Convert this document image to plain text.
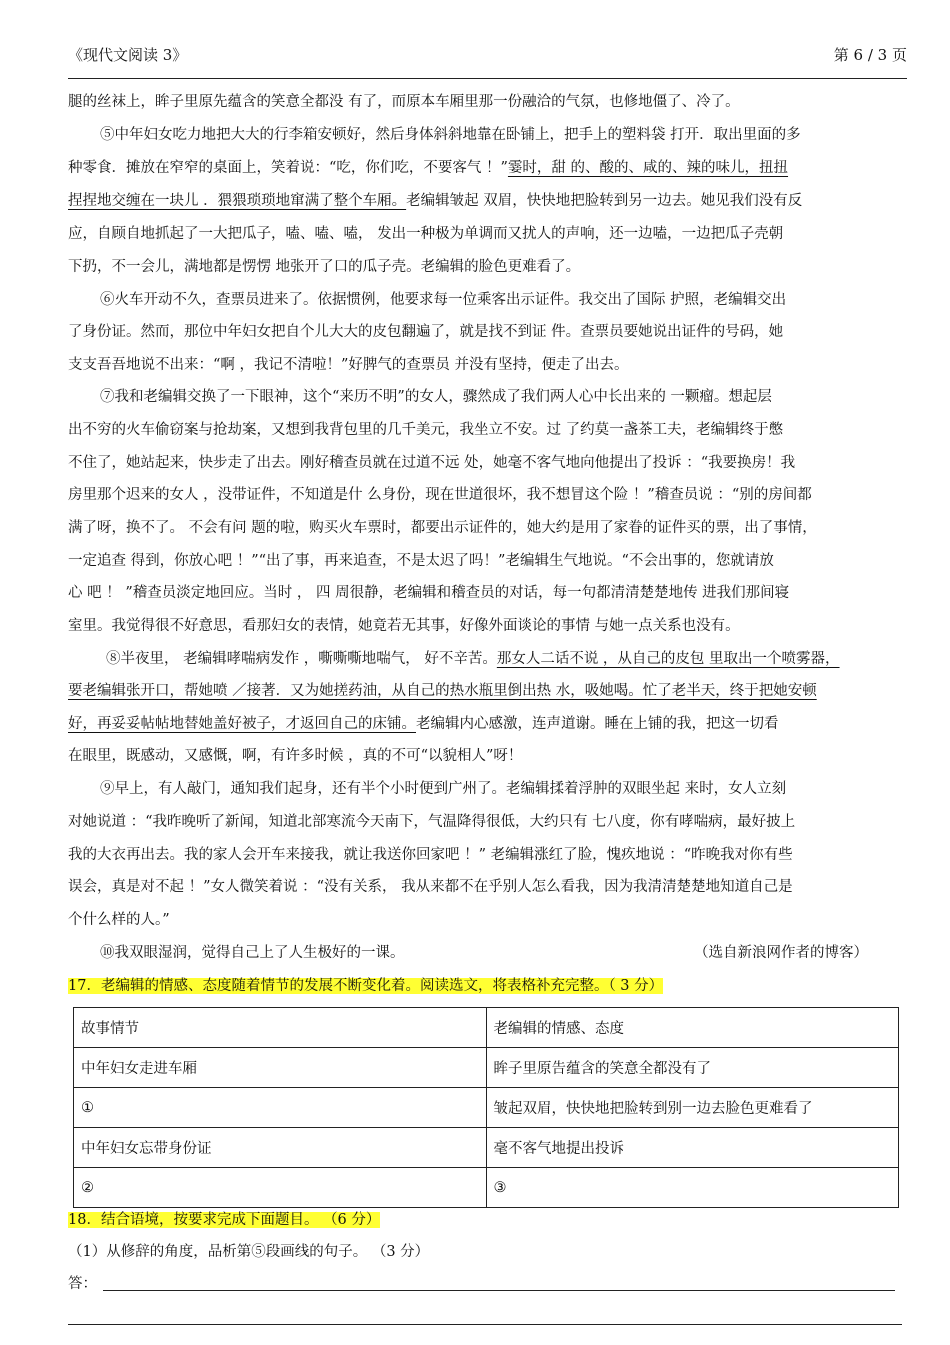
《现代文阅读 3》	第 6 / 3 页
腿的丝袜上，眸子里原先蕴含的笑意全都没 有了，而原本车厢里那一份融洽的气氛，也修地僵了、冷了。
⑤中年妇女吃力地把大大的行李箱安顿好，然后身体斜斜地靠在卧铺上，把手上的塑料袋 打开．取出里面的多
种零食．摊放在窄窄的桌面上，笑着说：“吃，你们吃，不要客气 ！”霎时，甜 的、酸的、咸的、辣的味儿，扭扭
捏捏地交缠在一块儿 ．猥猥琐琐地窜满了整个车厢。老编辑皱起 双眉，快快地把脸转到另一边去。她见我们没有反
应，自顾自地抓起了一大把瓜子，嗑、嗑、嗑， 发出一种极为单调而又扰人的声响，还一边嗑，一边把瓜子壳朝
下扔，不一会儿，满地都是愣愣 地张开了口的瓜子壳。老编辑的脸色更难看了。
⑥火车开动不久，查票员进来了。依据惯例，他要求每一位乘客出示证件。我交出了国际 护照，老编辑交出
了身份证。然而，那位中年妇女把自个儿大大的皮包翻遍了，就是找不到证 件。查票员要她说出证件的号码，她
支支吾吾地说不出来：“啊 ，我记不清啦！”好脾气的查票员 并没有坚持，便走了出去。
⑦我和老编辑交换了一下眼神，这个“来历不明”的女人，骤然成了我们两人心中长出来的 一颗瘤。想起层
出不穷的火车偷窃案与抢劫案，又想到我背包里的几千美元，我坐立不安。过 了约莫一盏茶工夫，老编辑终于憋
不住了，她站起来，快步走了出去。刚好稽查员就在过道不远 处，她毫不客气地向他提出了投诉 ：“我要换房！我
房里那个迟来的女人 ，没带证件，不知道是什 么身份，现在世道很坏，我不想冒这个险 ！”稽查员说 ：“别的房间都
满了呀，换不了。 不会有问 题的啦，购买火车票时，都要出示证件的，她大约是用了家眷的证件买的票，出了事情，
一定追查 得到，你放心吧 ！”“出了事，再来追查，不是太迟了吗！”老编辑生气地说。“不会出事的，您就请放
心 吧 ！ ”稽查员淡定地回应。当时 ， 四 周很静，老编辑和稽查员的对话，每一句都清清楚楚地传 进我们那间寝
室里。我觉得很不好意思，看那妇女的表情，她竟若无其事，好像外面谈论的事情 与她一点关系也没有。
⑧半夜里， 老编辑哮喘病发作 ，嘶嘶嘶地喘气， 好不辛苦。那女人二话不说 ，从自己的皮包 里取出一个喷雾器，
要老编辑张开口，帮她喷 ／接著．又为她搓药油，从自己的热水瓶里倒出热 水，吸她喝。忙了老半天，终于把她安顿
好，再妥妥帖帖地替她盖好被子，才返回自己的床铺。老编辑内心感激，连声道谢。睡在上铺的我，把这一切看
在眼里，既感动，又感慨，啊，有许多时候 ，真的不可“以貌相人”呀！
⑨早上，有人敲门，通知我们起身，还有半个小时便到广州了。老编辑揉着浮肿的双眼坐起 来时，女人立刻
对她说道 ：“我昨晚听了新闻，知道北部寒流今天南下，气温降得很低，大约只有 七八度，你有哮喘病，最好披上
我的大衣再出去。我的家人会开车来接我，就让我送你回家吧 ！” 老编辑涨红了脸，愧疚地说 ：“昨晚我对你有些
误会，真是对不起 ！”女人微笑着说 ：“没有关系， 我从来都不在乎别人怎么看我，因为我清清楚楚地知道自己是
个什么样的人。”
⑩我双眼湿润，觉得自己上了人生极好的一课。	（选自新浪网作者的博客）
17．老编辑的情感、态度随着情节的发展不断变化着。阅读选文，将表格补充完整。（ 3 分）
故事情节	老编辑的情感、态度
中年妇女走进车厢	眸子里原告蕴含的笑意全都没有了
①	皱起双眉，快快地把脸转到别一边去脸色更难看了
中年妇女忘带身份证	毫不客气地提出投诉
②	③
18．结合语境，按要求完成下面题目。 （6 分）
（1）从修辞的角度，品析第⑤段画线的句子。 （3 分）
答：
